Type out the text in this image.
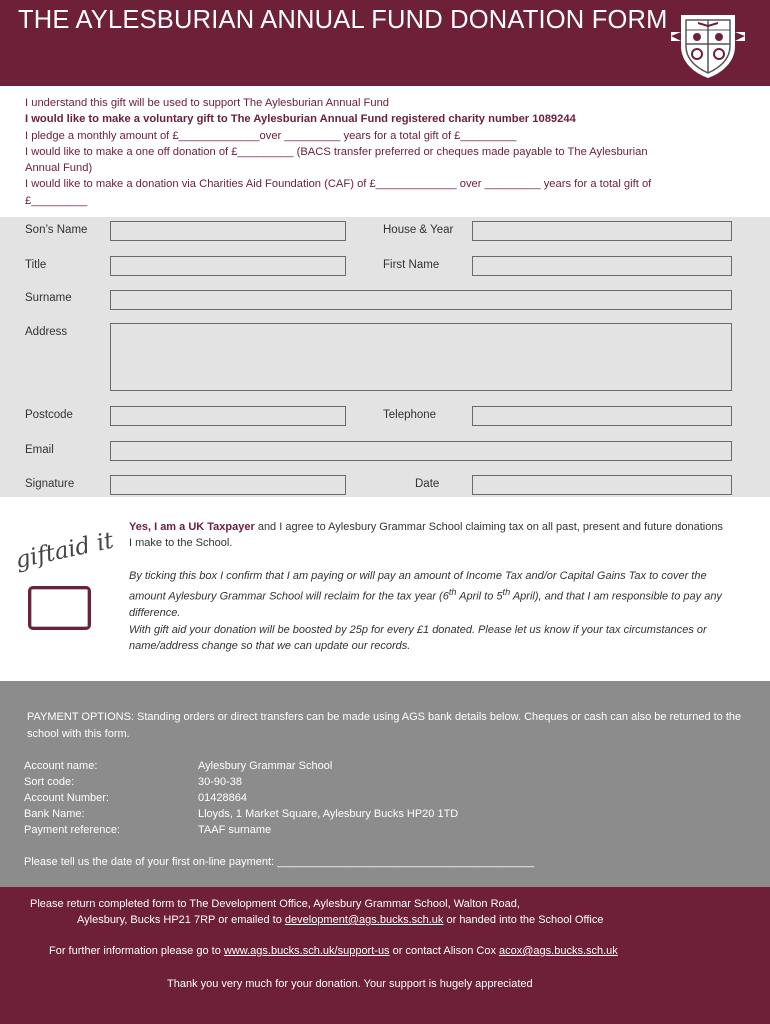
THE AYLESBURIAN ANNUAL FUND DONATION FORM
I understand this gift will be used to support The Aylesburian Annual Fund
I would like to make a voluntary gift to The Aylesburian Annual Fund registered charity number 1089244
I pledge a monthly amount of £_____________over _________ years for a total gift of £_________
I would like to make a one off donation of £_________ (BACS transfer preferred or cheques made payable to The Aylesburian Annual Fund)
I would like to make a donation via Charities Aid Foundation (CAF) of £_____________ over _________ years for a total gift of £_________
Son’s Name	House & Year
Title	First Name
Surname
Address
Postcode	Telephone
Email
Signature	Date
giftaid it
Yes, I am a UK Taxpayer and I agree to Aylesbury Grammar School claiming tax on all past, present and future donations I make to the School.
By ticking this box I confirm that I am paying or will pay an amount of Income Tax and/or Capital Gains Tax to cover the amount Aylesbury Grammar School will reclaim for the tax year (6th April to 5th April), and that I am responsible to pay any difference.
With gift aid your donation will be boosted by 25p for every £1 donated. Please let us know if your tax circumstances or name/address change so that we can update our records.
PAYMENT OPTIONS: Standing orders or direct transfers can be made using AGS bank details below. Cheques or cash can also be returned to the school with this form.
Account name:	Aylesbury Grammar School
Sort code:	30-90-38
Account Number:	01428864
Bank Name:	Lloyds, 1 Market Square, Aylesbury Bucks HP20 1TD
Payment reference:	TAAF surname
Please tell us the date of your first on-line payment: __________________________________________
Please return completed form to The Development Office, Aylesbury Grammar School, Walton Road,
Aylesbury, Bucks HP21 7RP or emailed to development@ags.bucks.sch.uk or handed into the School Office
For further information please go to www.ags.bucks.sch.uk/support-us or contact Alison Cox acox@ags.bucks.sch.uk
Thank you very much for your donation. Your support is hugely appreciated
